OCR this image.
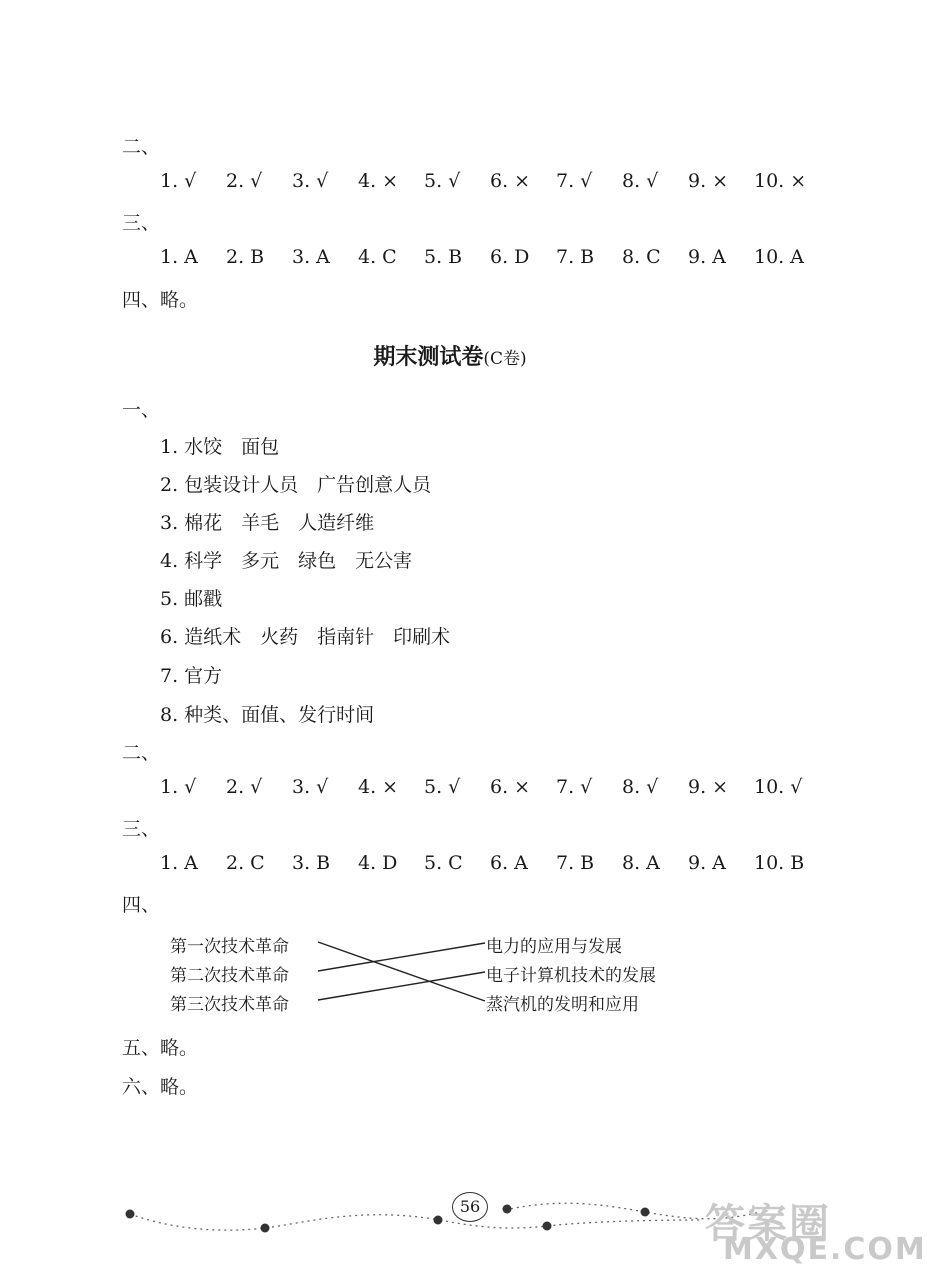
二、
1. √	2. √	3. √	4. ×	5. √	6. ×	7. √	8. √	9. ×	10. ×
三、
1. A	2. B	3. A	4. C	5. B	6. D	7. B	8. C	9. A	10. A
四、略。
期末测试卷(C卷)
一、
1. 水饺　面包
2. 包装设计人员　广告创意人员
3. 棉花　羊毛　人造纤维
4. 科学　多元　绿色　无公害
5. 邮戳
6. 造纸术　火药　指南针　印刷术
7. 官方
8. 种类、面值、发行时间
二、
1. √	2. √	3. √	4. ×	5. √	6. ×	7. √	8. √	9. ×	10. √
三、
1. A	2. C	3. B	4. D	5. C	6. A	7. B	8. A	9. A	10. B
四、
第一次技术革命
第二次技术革命
第三次技术革命
电力的应用与发展
电子计算机技术的发展
蒸汽机的发明和应用
五、略。
六、略。
56	答案圈
MXQE.COM
